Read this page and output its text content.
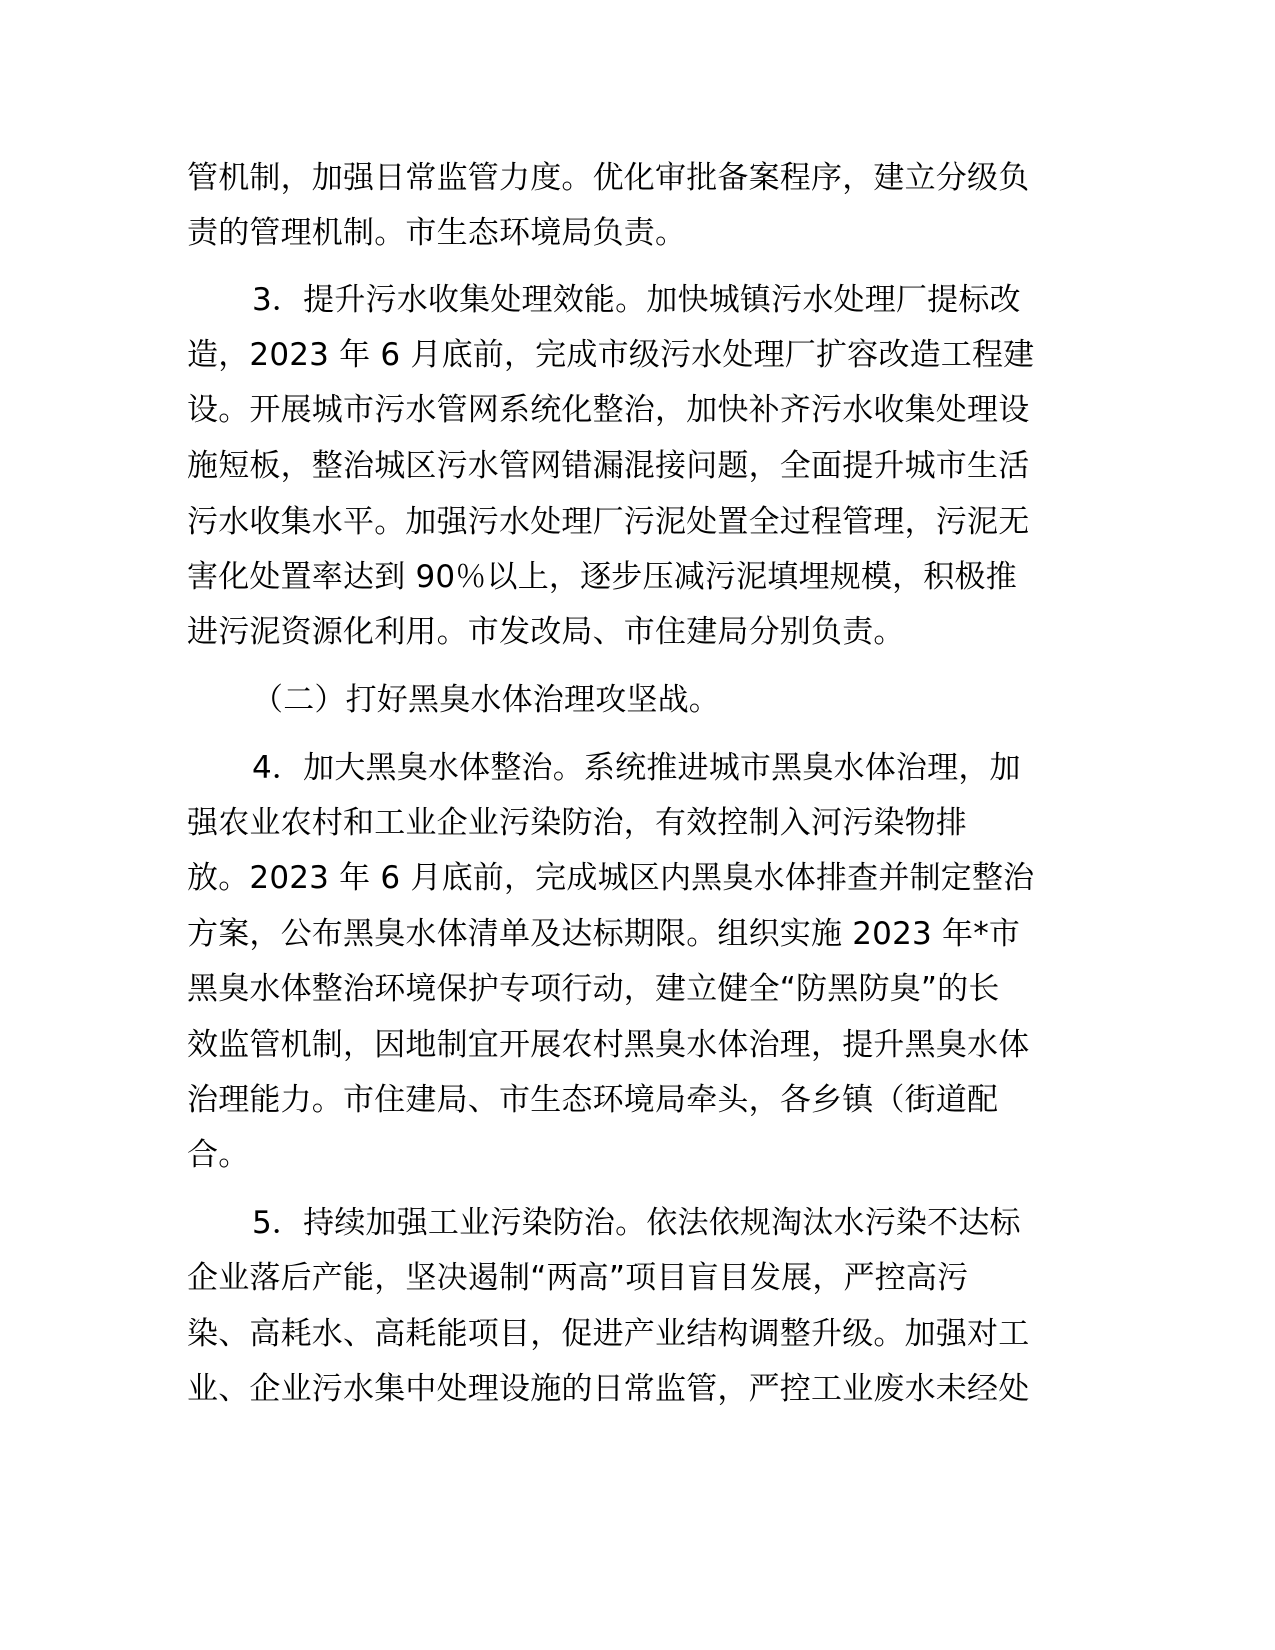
管机制，加强日常监管力度。优化审批备案程序，建立分级负
责的管理机制。市生态环境局负责。
3．提升污水收集处理效能。加快城镇污水处理厂提标改
造，2023 年 6 月底前，完成市级污水处理厂扩容改造工程建
设。开展城市污水管网系统化整治，加快补齐污水收集处理设
施短板，整治城区污水管网错漏混接问题，全面提升城市生活
污水收集水平。加强污水处理厂污泥处置全过程管理，污泥无
害化处置率达到 90％以上，逐步压减污泥填埋规模，积极推
进污泥资源化利用。市发改局、市住建局分别负责。
（二）打好黑臭水体治理攻坚战。
4．加大黑臭水体整治。系统推进城市黑臭水体治理，加
强农业农村和工业企业污染防治，有效控制入河污染物排
放。2023 年 6 月底前，完成城区内黑臭水体排查并制定整治
方案，公布黑臭水体清单及达标期限。组织实施 2023 年*市
黑臭水体整治环境保护专项行动，建立健全“防黑防臭”的长
效监管机制，因地制宜开展农村黑臭水体治理，提升黑臭水体
治理能力。市住建局、市生态环境局牵头，各乡镇（街道配
合。
5．持续加强工业污染防治。依法依规淘汰水污染不达标
企业落后产能，坚决遏制“两高”项目盲目发展，严控高污
染、高耗水、高耗能项目，促进产业结构调整升级。加强对工
业、企业污水集中处理设施的日常监管，严控工业废水未经处
